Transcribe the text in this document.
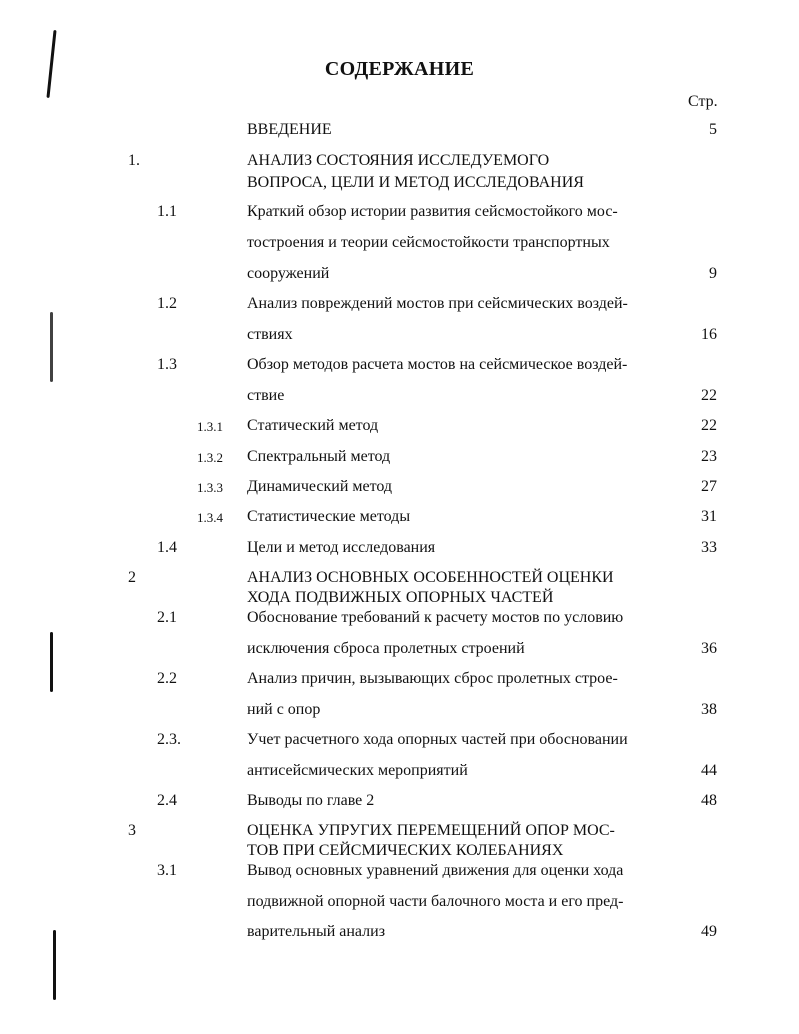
СОДЕРЖАНИЕ
Стр.
ВВЕДЕНИЕ	5
1.	АНАЛИЗ СОСТОЯНИЯ ИССЛЕДУЕМОГО
ВОПРОСА, ЦЕЛИ И МЕТОД ИССЛЕДОВАНИЯ
1.1	Краткий обзор истории развития сейсмостойкого мос-
тостроения и теории сейсмостойкости транспортных
сооружений	9
1.2	Анализ повреждений мостов при сейсмических воздей-
ствиях	16
1.3	Обзор методов расчета мостов на сейсмическое воздей-
ствие	22
1.3.1 Статический метод	22
1.3.2 Спектральный метод	23
1.3.3 Динамический метод	27
1.3.4 Статистические методы	31
1.4	Цели и метод исследования	33
2	АНАЛИЗ ОСНОВНЫХ ОСОБЕННОСТЕЙ ОЦЕНКИ
ХОДА ПОДВИЖНЫХ ОПОРНЫХ ЧАСТЕЙ
2.1	Обоснование требований к расчету мостов по условию
исключения сброса пролетных строений	36
2.2	Анализ причин, вызывающих сброс пролетных строе-
ний с опор	38
2.3.	Учет расчетного хода опорных частей при обосновании
антисейсмических мероприятий	44
2.4	Выводы по главе 2	48
3	ОЦЕНКА УПРУГИХ ПЕРЕМЕЩЕНИЙ ОПОР МОС-
ТОВ ПРИ СЕЙСМИЧЕСКИХ КОЛЕБАНИЯХ
3.1	Вывод основных уравнений движения для оценки хода
подвижной опорной части балочного моста и его пред-
варительный анализ	49
